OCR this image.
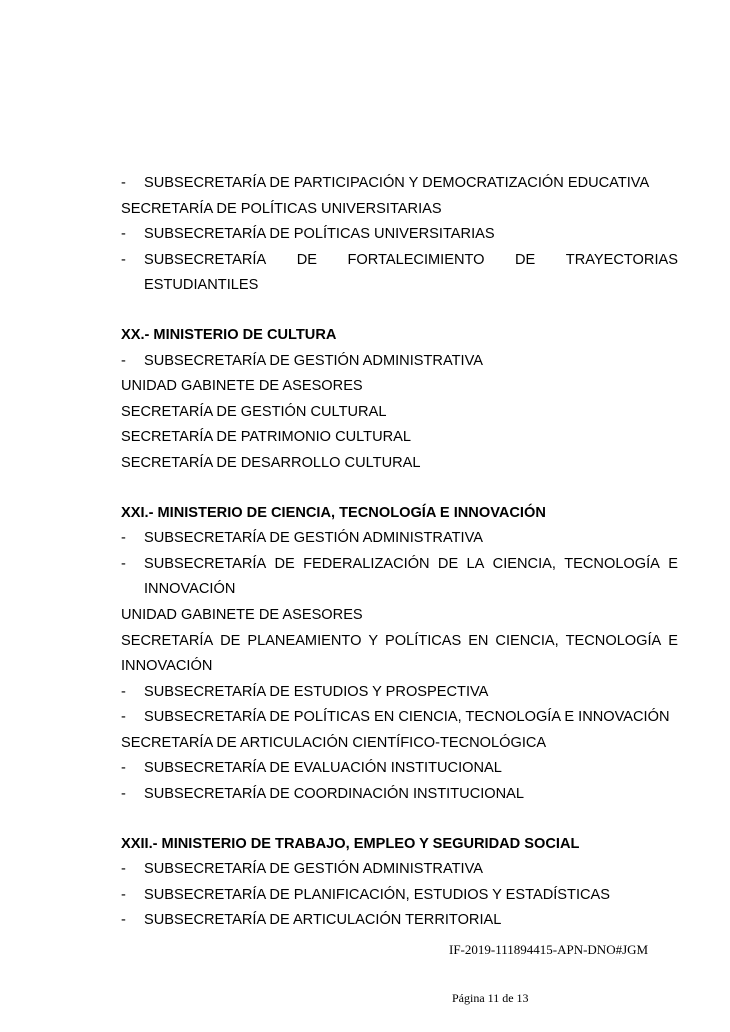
- SUBSECRETARÍA DE PARTICIPACIÓN Y DEMOCRATIZACIÓN EDUCATIVA
SECRETARÍA DE POLÍTICAS UNIVERSITARIAS
- SUBSECRETARÍA DE POLÍTICAS UNIVERSITARIAS
- SUBSECRETARÍA DE FORTALECIMIENTO DE TRAYECTORIAS
ESTUDIANTILES
XX.- MINISTERIO DE CULTURA
- SUBSECRETARÍA DE GESTIÓN ADMINISTRATIVA
UNIDAD GABINETE DE ASESORES
SECRETARÍA DE GESTIÓN CULTURAL
SECRETARÍA DE PATRIMONIO CULTURAL
SECRETARÍA DE DESARROLLO CULTURAL
XXI.- MINISTERIO DE CIENCIA, TECNOLOGÍA E INNOVACIÓN
- SUBSECRETARÍA DE GESTIÓN ADMINISTRATIVA
- SUBSECRETARÍA DE FEDERALIZACIÓN DE LA CIENCIA, TECNOLOGÍA E
INNOVACIÓN
UNIDAD GABINETE DE ASESORES
SECRETARÍA DE PLANEAMIENTO Y POLÍTICAS EN CIENCIA, TECNOLOGÍA E
INNOVACIÓN
- SUBSECRETARÍA DE ESTUDIOS Y PROSPECTIVA
- SUBSECRETARÍA DE POLÍTICAS EN CIENCIA, TECNOLOGÍA E INNOVACIÓN
SECRETARÍA DE ARTICULACIÓN CIENTÍFICO-TECNOLÓGICA
- SUBSECRETARÍA DE EVALUACIÓN INSTITUCIONAL
- SUBSECRETARÍA DE COORDINACIÓN INSTITUCIONAL
XXII.- MINISTERIO DE TRABAJO, EMPLEO Y SEGURIDAD SOCIAL
- SUBSECRETARÍA DE GESTIÓN ADMINISTRATIVA
- SUBSECRETARÍA DE PLANIFICACIÓN, ESTUDIOS Y ESTADÍSTICAS
- SUBSECRETARÍA DE ARTICULACIÓN TERRITORIAL
IF-2019-111894415-APN-DNO#JGM
Página 11 de 13
